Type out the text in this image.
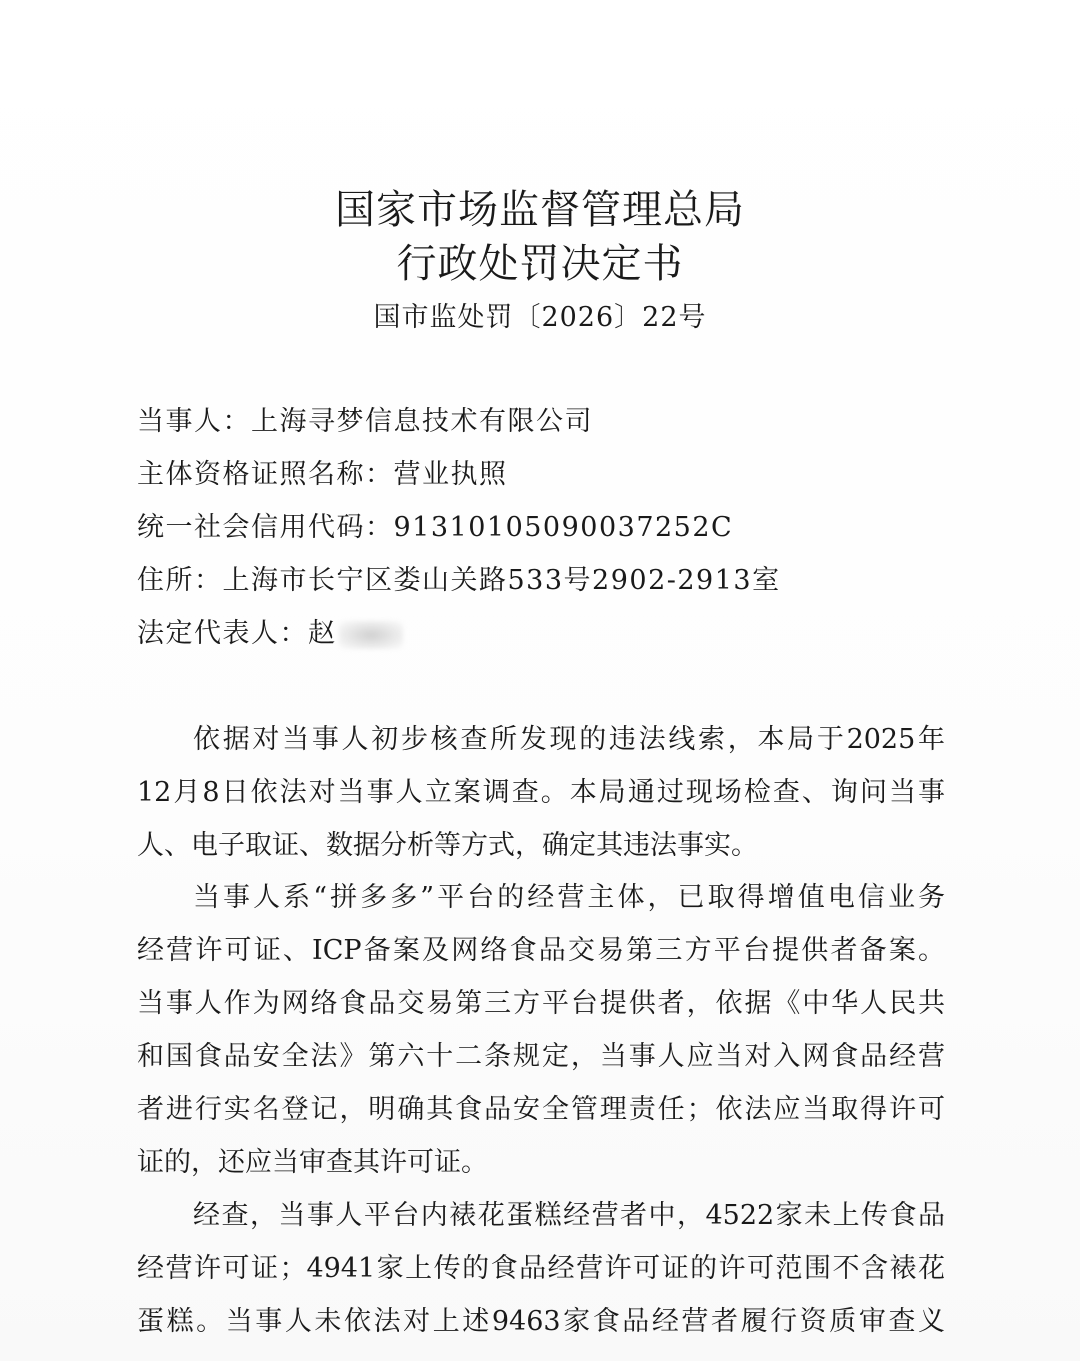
国家市场监督管理总局
行政处罚决定书
国市监处罚〔2026〕22号
当事人：上海寻梦信息技术有限公司
主体资格证照名称：营业执照
统一社会信用代码：91310105090037252C
住所：上海市长宁区娄山关路533号2902-2913室
法定代表人：赵
依据对当事人初步核查所发现的违法线索，本局于2025年
12月8日依法对当事人立案调查。本局通过现场检查、询问当事
人、电子取证、数据分析等方式，确定其违法事实。
当事人系“拼多多”平台的经营主体，已取得增值电信业务
经营许可证、ICP备案及网络食品交易第三方平台提供者备案。
当事人作为网络食品交易第三方平台提供者，依据《中华人民共
和国食品安全法》第六十二条规定，当事人应当对入网食品经营
者进行实名登记，明确其食品安全管理责任；依法应当取得许可
证的，还应当审查其许可证。
经查，当事人平台内裱花蛋糕经营者中，4522家未上传食品
经营许可证；4941家上传的食品经营许可证的许可范围不含裱花
蛋糕。当事人未依法对上述9463家食品经营者履行资质审查义
